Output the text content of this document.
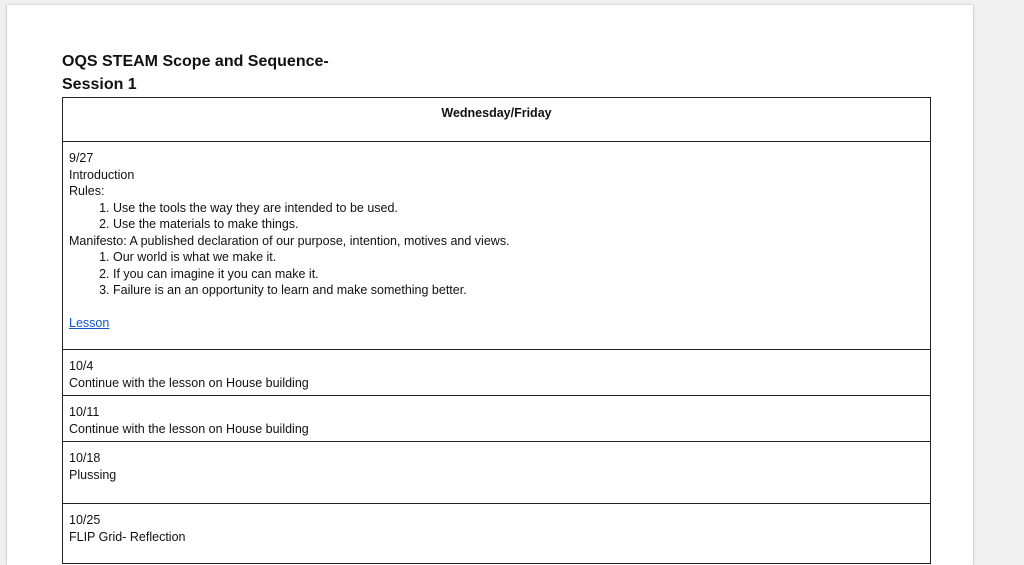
OQS STEAM Scope and Sequence-
Session 1
Wednesday/Friday

9/27
Introduction
Rules:
1. Use the tools the way they are intended to be used.
2. Use the materials to make things.
Manifesto: A published declaration of our purpose, intention, motives and views.
1. Our world is what we make it.
2. If you can imagine it you can make it.
3. Failure is an an opportunity to learn and make something better.
Lesson

10/4
Continue with the lesson on House building

10/11
Continue with the lesson on House building

10/18
Plussing

10/25
FLIP Grid- Reflection
